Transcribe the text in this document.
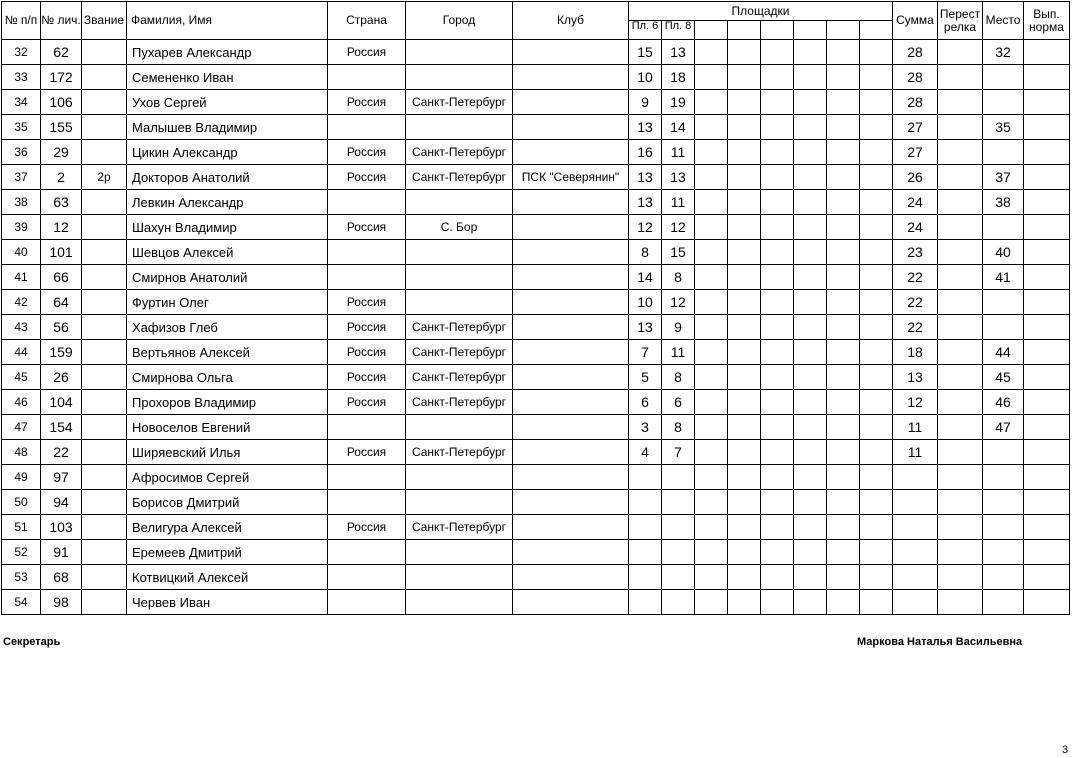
№ п/п	№ лич.	Звание	Фамилия, Имя	Страна	Город	Клуб	Площадки								Сумма	Перестрелка	Место	Вып. норма
							Пл. 6	Пл. 8										
32	62		Пухарев Александр	Россия			15	13							28		32	
33	172		Семененко Иван				10	18							28			
34	106		Ухов Сергей	Россия	Санкт-Петербург		9	19							28			
35	155		Малышев Владимир				13	14							27		35	
36	29		Цикин Александр	Россия	Санкт-Петербург		16	11							27			
37	2	2р	Докторов Анатолий	Россия	Санкт-Петербург	ПСК "Северянин"	13	13							26		37	
38	63		Левкин Александр				13	11							24		38	
39	12		Шахун Владимир	Россия	С. Бор		12	12							24			
40	101		Шевцов Алексей				8	15							23		40	
41	66		Смирнов Анатолий				14	8							22		41	
42	64		Фуртин Олег	Россия			10	12							22			
43	56		Хафизов Глеб	Россия	Санкт-Петербург		13	9							22			
44	159		Вертьянов Алексей	Россия	Санкт-Петербург		7	11							18		44	
45	26		Смирнова Ольга	Россия	Санкт-Петербург		5	8							13		45	
46	104		Прохоров Владимир	Россия	Санкт-Петербург		6	6							12		46	
47	154		Новоселов Евгений				3	8							11		47	
48	22		Ширяевский Илья	Россия	Санкт-Петербург		4	7							11			
49	97		Афросимов Сергей															
50	94		Борисов Дмитрий															
51	103		Велигура Алексей	Россия	Санкт-Петербург													
52	91		Еремеев Дмитрий															
53	68		Котвицкий Алексей															
54	98		Червев Иван															
Секретарь	Маркова Наталья Васильевна
3
